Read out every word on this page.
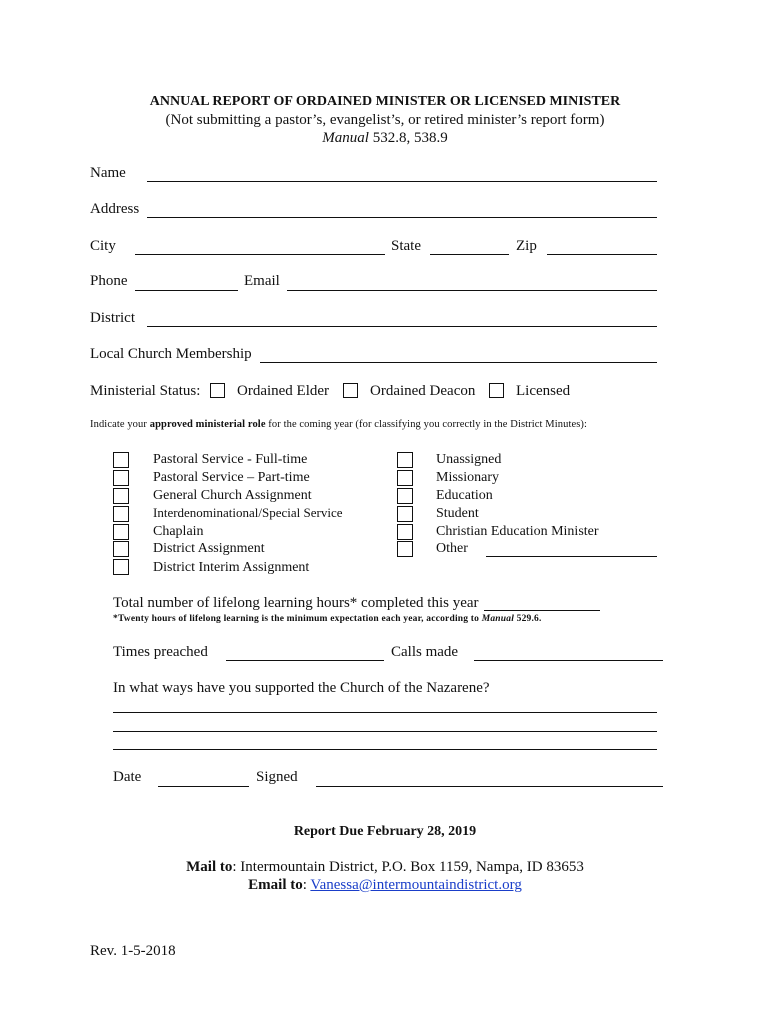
ANNUAL REPORT OF ORDAINED MINISTER OR LICENSED MINISTER
(Not submitting a pastor’s, evangelist’s, or retired minister’s report form)
Manual 532.8, 538.9
Name
Address
City	State	Zip
Phone	Email
District
Local Church Membership
Ministerial Status: Ordained Elder	Ordained Deacon	Licensed
Indicate your approved ministerial role for the coming year (for classifying you correctly in the District Minutes):
Pastoral Service - Full-time
Pastoral Service – Part-time
General Church Assignment
Interdenominational/Special Service
Chaplain
District Assignment
District Interim Assignment
Unassigned
Missionary
Education
Student
Christian Education Minister
Other
Total number of lifelong learning hours* completed this year
*Twenty hours of lifelong learning is the minimum expectation each year, according to Manual 529.6.
Times preached	Calls made
In what ways have you supported the Church of the Nazarene?
Date	Signed
Report Due February 28, 2019
Mail to: Intermountain District, P.O. Box 1159, Nampa, ID 83653
Email to: Vanessa@intermountaindistrict.org
Rev. 1-5-2018
